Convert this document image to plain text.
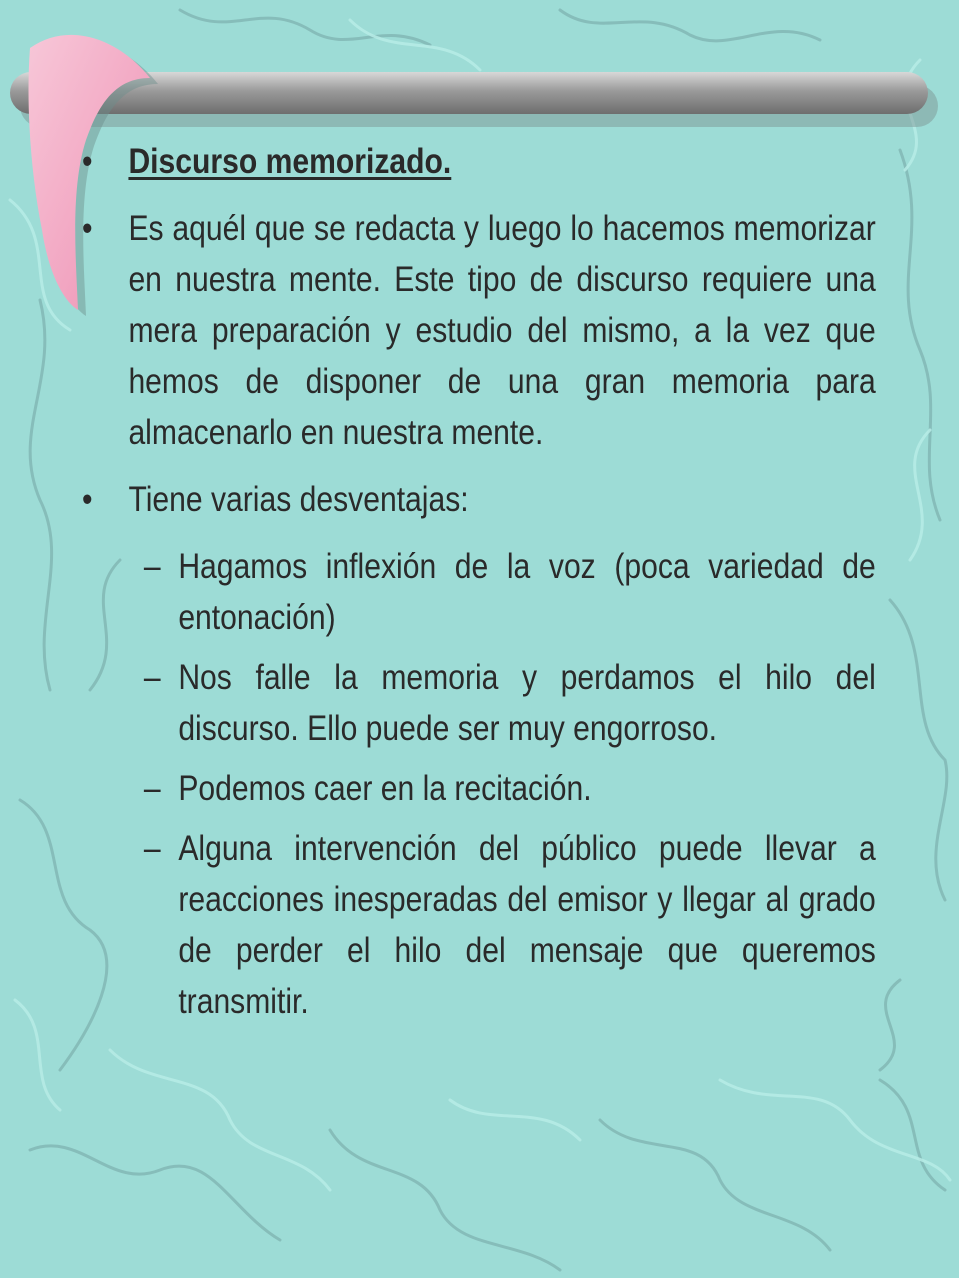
• Discurso memorizado.
• Es aquél que se redacta y luego lo hacemos memorizar en nuestra mente. Este tipo de discurso requiere una mera preparación y estudio del mismo, a la vez que hemos de disponer de una gran memoria para almacenarlo en nuestra mente.
• Tiene varias desventajas:
– Hagamos inflexión de la voz (poca variedad de entonación)
– Nos falle la memoria y perdamos el hilo del discurso. Ello puede ser muy engorroso.
– Podemos caer en la recitación.
– Alguna intervención del público puede llevar a reacciones inesperadas del emisor y llegar al grado de perder el hilo del mensaje que queremos transmitir.
